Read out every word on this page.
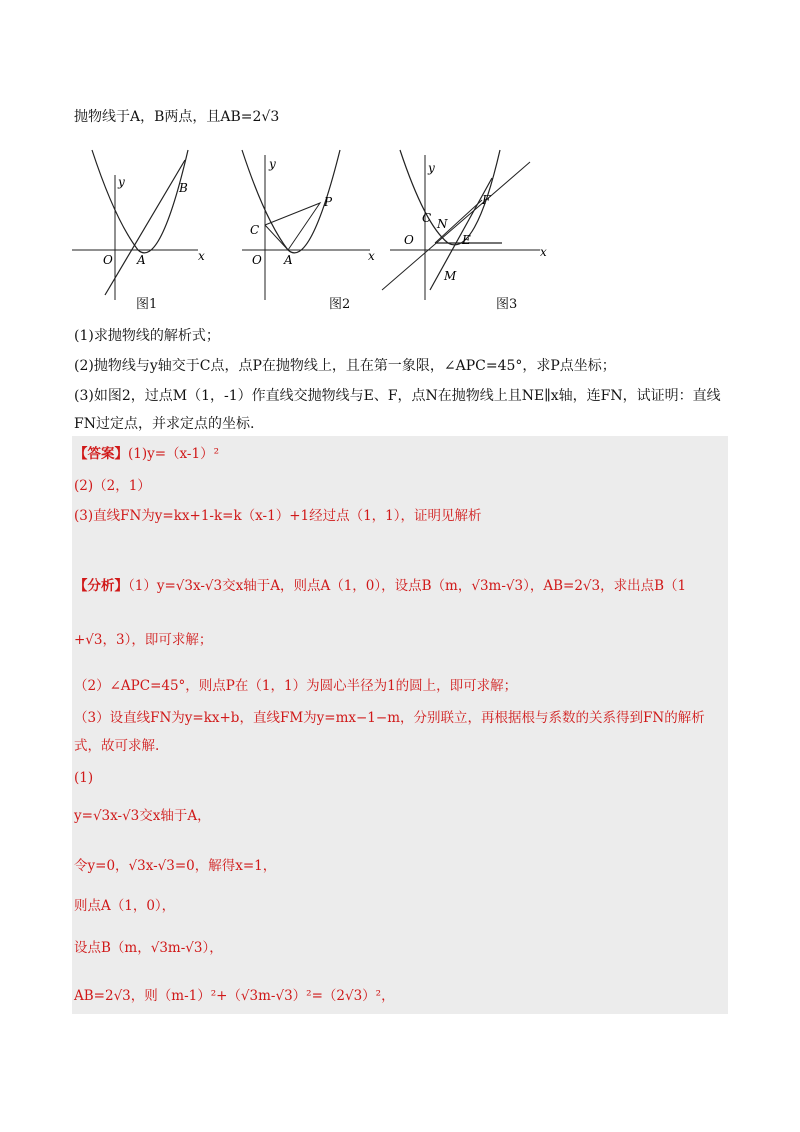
抛物线于A，B两点，且AB=2√3
y
x
O A
B
y
x
O A
C
P
y
x
O
C N
F
E
M
图1	图2	图3
(1)求抛物线的解析式；
(2)抛物线与y轴交于C点，点P在抛物线上，且在第一象限，∠APC=45°，求P点坐标；
(3)如图2，过点M（1，-1）作直线交抛物线与E、F，点N在抛物线上且NE∥x轴，连FN，试证明：直线
FN过定点，并求定点的坐标.
【答案】(1)y=（x-1）²
(2)（2，1）
(3)直线FN为y=kx+1-k=k（x-1）+1经过点（1，1），证明见解析
【分析】（1）y=√3x-√3交x轴于A，则点A（1，0），设点B（m，√3m-√3），AB=2√3，求出点B（1
+√3，3），即可求解；
（2）∠APC=45°，则点P在（1，1）为圆心半径为1的圆上，即可求解；
（3）设直线FN为y=kx+b，直线FM为y=mx−1−m，分别联立，再根据根与系数的关系得到FN的解析
式，故可求解.
(1)
y=√3x-√3交x轴于A，
令y=0，√3x-√3=0，解得x=1，
则点A（1，0），
设点B（m，√3m-√3），
AB=2√3，则（m-1）²+（√3m-√3）²=（2√3）²，
